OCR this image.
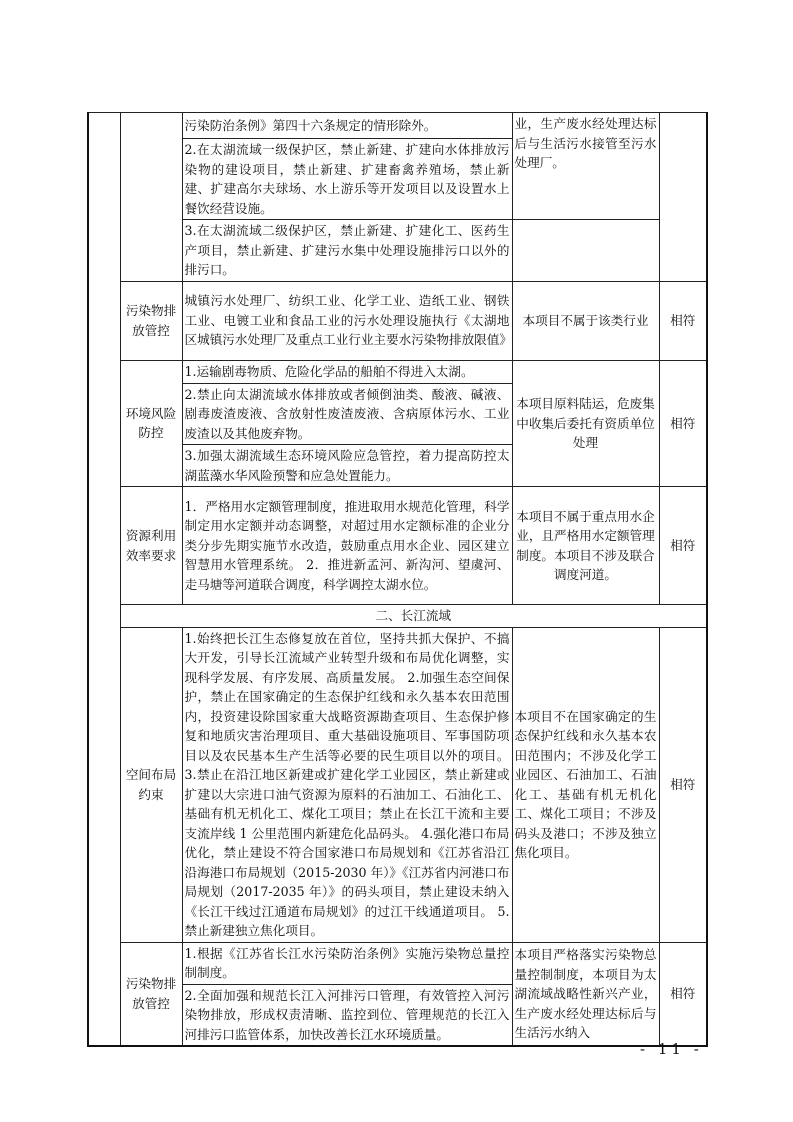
		污染防治条例》第四十六条规定的情形除外。	业，生产废水经处理达标后与生活污水接管至污水处理厂。	
		2.在太湖流域一级保护区，禁止新建、扩建向水体排放污染物的建设项目，禁止新建、扩建畜禽养殖场，禁止新建、扩建高尔夫球场、水上游乐等开发项目以及设置水上餐饮经营设施。		
		3.在太湖流域二级保护区，禁止新建、扩建化工、医药生产项目，禁止新建、扩建污水集中处理设施排污口以外的排污口。		
	污染物排放管控	城镇污水处理厂、纺织工业、化学工业、造纸工业、钢铁工业、电镀工业和食品工业的污水处理设施执行《太湖地区城镇污水处理厂及重点工业行业主要水污染物排放限值》	本项目不属于该类行业	相符
	环境风险防控	1.运输剧毒物质、危险化学品的船舶不得进入太湖。	本项目原料陆运，危废集中收集后委托有资质单位处理	相符
		2.禁止向太湖流域水体排放或者倾倒油类、酸液、碱液、剧毒废渣废液、含放射性废渣废液、含病原体污水、工业废渣以及其他废弃物。		
		3.加强太湖流域生态环境风险应急管控，着力提高防控太湖蓝藻水华风险预警和应急处置能力。		
	资源利用效率要求	1．严格用水定额管理制度，推进取用水规范化管理，科学制定用水定额并动态调整，对超过用水定额标准的企业分类分步先期实施节水改造，鼓励重点用水企业、园区建立智慧用水管理系统。 2．推进新孟河、新沟河、望虞河、走马塘等河道联合调度，科学调控太湖水位。	本项目不属于重点用水企业，且严格用水定额管理制度。本项目不涉及联合调度河道。	相符
	二、长江流域			
	空间布局约束	1.始终把长江生态修复放在首位，坚持共抓大保护、不搞大开发，引导长江流域产业转型升级和布局优化调整，实现科学发展、有序发展、高质量发展。 2.加强生态空间保护，禁止在国家确定的生态保护红线和永久基本农田范围内，投资建设除国家重大战略资源勘查项目、生态保护修复和地质灾害治理项目、重大基础设施项目、军事国防项目以及农民基本生产生活等必要的民生项目以外的项目。 3.禁止在沿江地区新建或扩建化学工业园区，禁止新建或扩建以大宗进口油气资源为原料的石油加工、石油化工、基础有机无机化工、煤化工项目；禁止在长江干流和主要支流岸线 1 公里范围内新建危化品码头。 4.强化港口布局优化，禁止建设不符合国家港口布局规划和《江苏省沿江沿海港口布局规划（2015-2030 年）》《江苏省内河港口布局规划（2017-2035 年）》的码头项目，禁止建设未纳入《长江干线过江通道布局规划》的过江干线通道项目。 5.禁止新建独立焦化项目。	本项目不在国家确定的生态保护红线和永久基本农田范围内；不涉及化学工业园区、石油加工、石油化工、基础有机无机化工、煤化工项目；不涉及码头及港口；不涉及独立焦化项目。	相符
	污染物排放管控	1.根据《江苏省长江水污染防治条例》实施污染物总量控制制度。	本项目严格落实污染物总量控制制度，本项目为太湖流域战略性新兴产业，生产废水经处理达标后与生活污水纳入	相符
		2.全面加强和规范长江入河排污口管理，有效管控入河污染物排放，形成权责清晰、监控到位、管理规范的长江入河排污口监管体系，加快改善长江水环境质量。		
- 11 -
